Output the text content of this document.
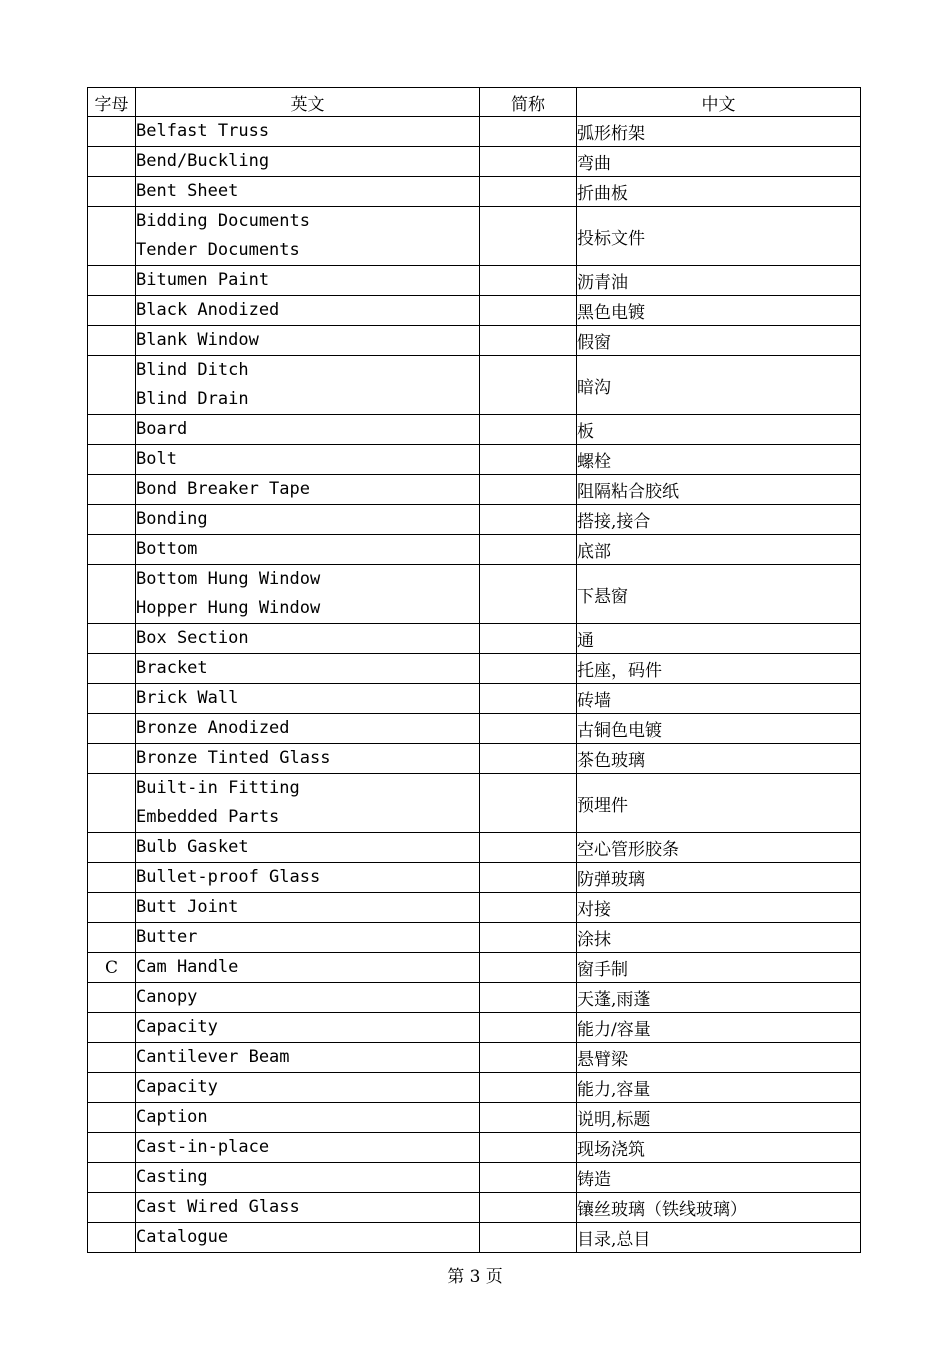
字母	英文	简称	中文

	Belfast Truss		弧形桁架

	Bend/Buckling		弯曲

	Bent Sheet		折曲板

	Bidding Documents
Tender Documents		投标文件

	Bitumen Paint		沥青油

	Black Anodized		黑色电镀

	Blank Window		假窗

	Blind Ditch
Blind Drain		暗沟

	Board		板

	Bolt		螺栓

	Bond Breaker Tape		阻隔粘合胶纸

	Bonding		搭接,接合

	Bottom		底部

	Bottom Hung Window
Hopper Hung Window		下悬窗

	Box Section		通

	Bracket		托座，码件

	Brick Wall		砖墙

	Bronze Anodized		古铜色电镀

	Bronze Tinted Glass		茶色玻璃

	Built-in Fitting
Embedded Parts		预埋件

	Bulb Gasket		空心管形胶条

	Bullet-proof Glass		防弹玻璃

	Butt Joint		对接

	Butter		涂抹
C	Cam Handle		窗手制

	Canopy		天蓬,雨蓬

	Capacity		能力/容量

	Cantilever Beam		悬臂梁

	Capacity		能力,容量

	Caption		说明,标题

	Cast-in-place		现场浇筑

	Casting		铸造

	Cast Wired Glass		镶丝玻璃（铁线玻璃）

	Catalogue		目录,总目
第 3 页
